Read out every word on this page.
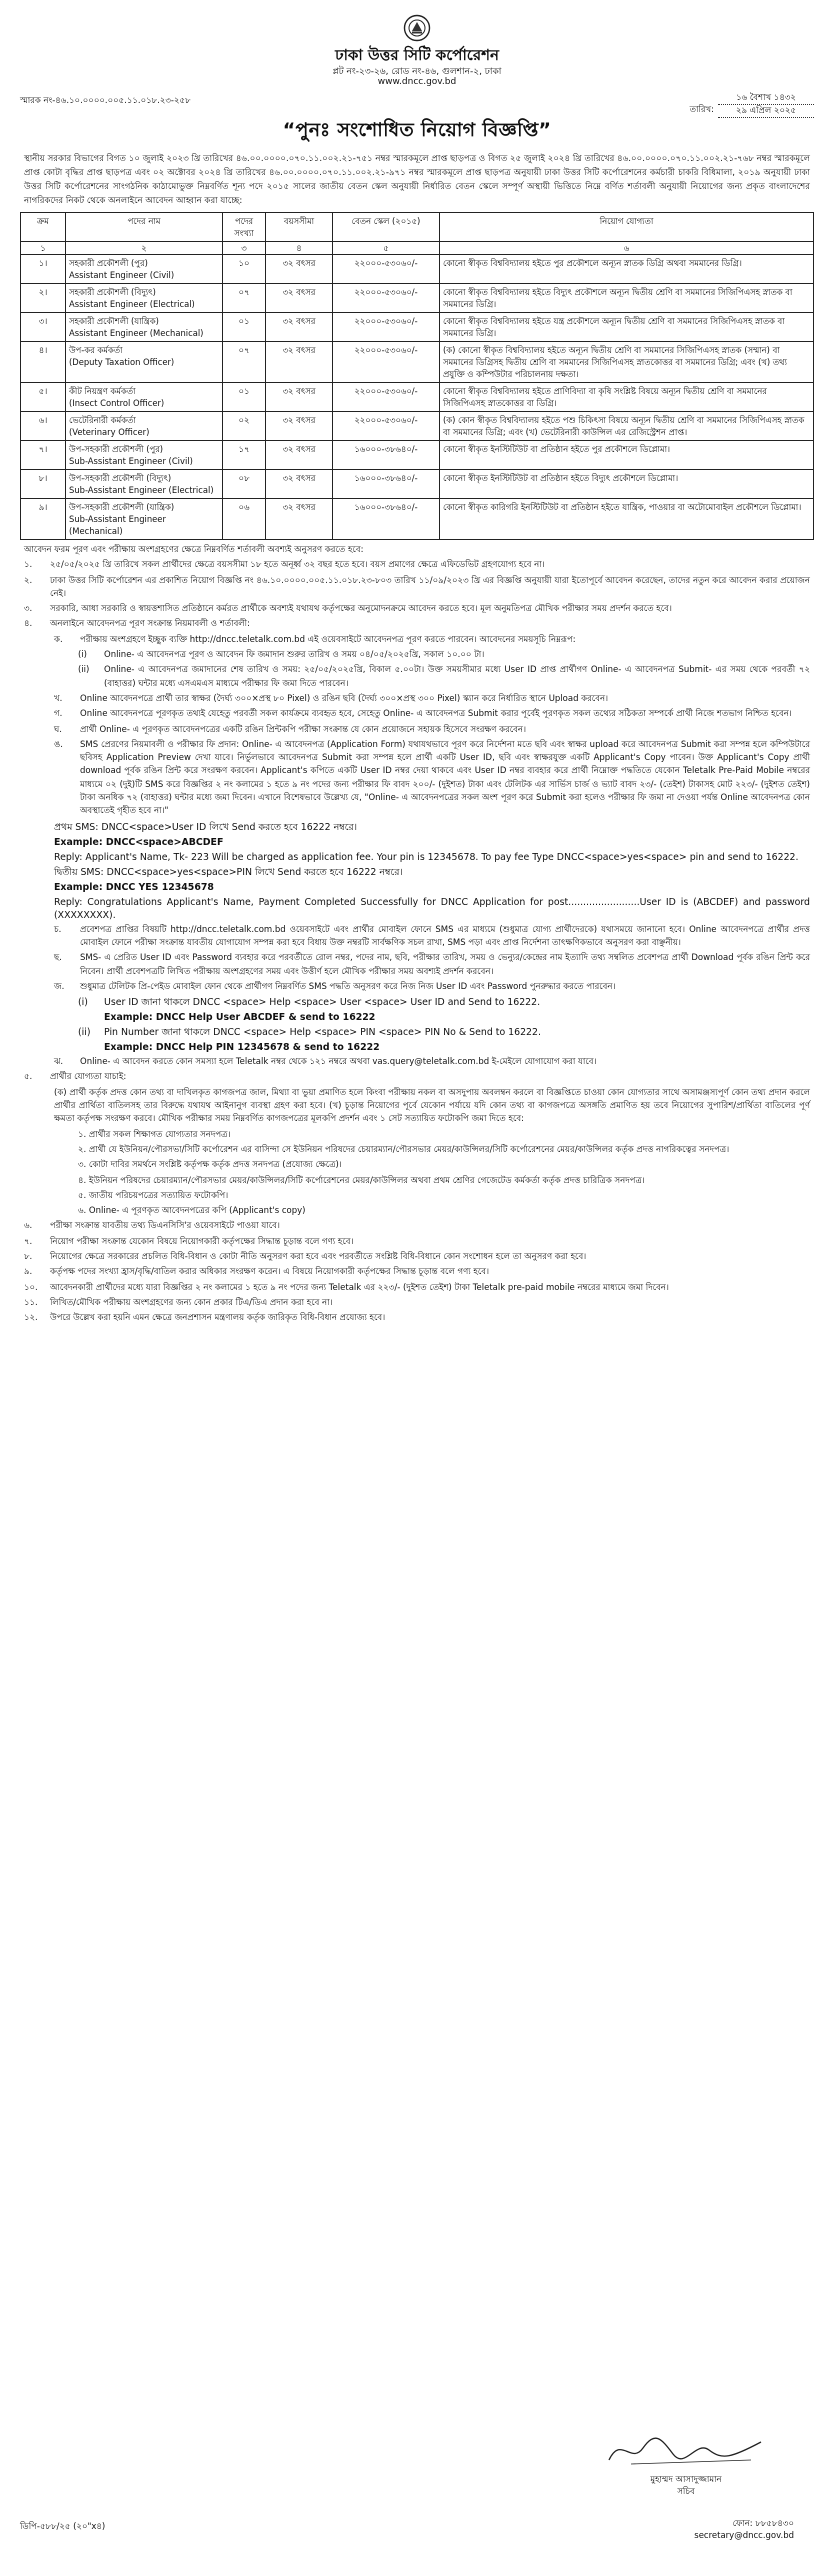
ঢাকা উত্তর সিটি কর্পোরেশন
প্লট নং-২৩-২৬, রোড নং-৪৬, গুলশান-২, ঢাকা
www.dncc.gov.bd
স্মারক নং-৪৬.১০.০০০০.০০৫.১১.০১৮.২৩-২৫৮	১৬ বৈশাখ ১৪৩২
তারিখ:	২৯ এপ্রিল ২০২৫
“পুনঃ সংশোধিত নিয়োগ বিজ্ঞপ্তি”
স্থানীয় সরকার বিভাগের বিগত ১০ জুলাই ২০২৩ খ্রি তারিখের ৪৬.০০.০০০০.০৭০.১১.০০২.২১-৭৫১ নম্বর স্মারকমূলে প্রাপ্ত ছাড়পত্র ও বিগত ২৫ জুলাই ২০২৪ খ্রি তারিখের ৪৬.০০.০০০০.০৭০.১১.০০২.২১-৭৬৮ নম্বর স্মারকমূলে প্রাপ্ত কোটা বৃদ্ধির প্রাপ্ত ছাড়পত্র এবং ০২ অক্টোবর ২০২৪ খ্রি তারিখের ৪৬.০০.০০০০.০৭০.১১.০০২.২১-৯৭১ নম্বর স্মারকমূলে প্রাপ্ত ছাড়পত্র অনুযায়ী ঢাকা উত্তর সিটি কর্পোরেশনের কর্মচারী চাকরি বিধিমালা, ২০১৯ অনুযায়ী ঢাকা উত্তর সিটি কর্পোরেশনের সাংগঠনিক কাঠামোভুক্ত নিম্নবর্ণিত শূন্য পদে ২০১৫ সালের জাতীয় বেতন স্কেল অনুযায়ী নির্ধারিত বেতন স্কেলে সম্পূর্ণ অস্থায়ী ভিত্তিতে নিম্নে বর্ণিত শর্তাবলী অনুযায়ী নিয়োগের জন্য প্রকৃত বাংলাদেশের নাগরিকদের নিকট থেকে অনলাইনে আবেদন আহ্বান করা যাচ্ছে:
ক্রম	পদের নাম	পদের সংখ্যা	বয়সসীমা	বেতন স্কেল (২০১৫)	নিয়োগ যোগ্যতা
১	২	৩	৪	৫	৬
১।	সহকারী প্রকৌশলী (পুর)
Assistant Engineer (Civil)	১০	৩২ বৎসর	২২০০০-৫৩০৬০/-	কোনো স্বীকৃত বিশ্ববিদ্যালয় হইতে পুর প্রকৌশলে অন্যূন স্নাতক ডিগ্রি অথবা সমমানের ডিগ্রি।
২।	সহকারী প্রকৌশলী (বিদ্যুৎ)
Assistant Engineer (Electrical)	০৭	৩২ বৎসর	২২০০০-৫৩০৬০/-	কোনো স্বীকৃত বিশ্ববিদ্যালয় হইতে বিদ্যুৎ প্রকৌশলে অন্যূন দ্বিতীয় শ্রেণি বা সমমানের সিজিপিএসহ স্নাতক বা সমমানের ডিগ্রি।
৩।	সহকারী প্রকৌশলী (যান্ত্রিক)
Assistant Engineer (Mechanical)	০১	৩২ বৎসর	২২০০০-৫৩০৬০/-	কোনো স্বীকৃত বিশ্ববিদ্যালয় হইতে যন্ত্র প্রকৌশলে অন্যূন দ্বিতীয় শ্রেণি বা সমমানের সিজিপিএসহ স্নাতক বা সমমানের ডিগ্রি।
৪।	উপ-কর কর্মকর্তা
(Deputy Taxation Officer)	০৭	৩২ বৎসর	২২০০০-৫৩০৬০/-	(ক) কোনো স্বীকৃত বিশ্ববিদ্যালয় হইতে অন্যূন দ্বিতীয় শ্রেণি বা সমমানের সিজিপিএসহ স্নাতক (সম্মান) বা সমমানের ডিগ্রিসহ দ্বিতীয় শ্রেণি বা সমমানের সিজিপিএসহ স্নাতকোত্তর বা সমমানের ডিগ্রি; এবং (খ) তথ্য প্রযুক্তি ও কম্পিউটার পরিচালনায় দক্ষতা।
৫।	কীট নিয়ন্ত্রণ কর্মকর্তা
(Insect Control Officer)	০১	৩২ বৎসর	২২০০০-৫৩০৬০/-	কোনো স্বীকৃত বিশ্ববিদ্যালয় হইতে প্রাণিবিদ্যা বা কৃষি সংশ্লিষ্ট বিষয়ে অন্যূন দ্বিতীয় শ্রেণি বা সমমানের সিজিপিএসহ স্নাতকোত্তর বা ডিগ্রি।
৬।	ভেটেরিনারী কর্মকর্তা
(Veterinary Officer)	০২	৩২ বৎসর	২২০০০-৫৩০৬০/-	(ক) কোন স্বীকৃত বিশ্ববিদ্যালয় হইতে পশু চিকিৎসা বিষয়ে অন্যূন দ্বিতীয় শ্রেণি বা সমমানের সিজিপিএসহ স্নাতক বা সমমানের ডিগ্রি; এবং (খ) ভেটেরিনারী কাউন্সিল এর রেজিস্ট্রেশন প্রাপ্ত।
৭।	উপ-সহকারী প্রকৌশলী (পুর)
Sub-Assistant Engineer (Civil)	১৭	৩২ বৎসর	১৬০০০-৩৮৬৪০/-	কোনো স্বীকৃত ইনস্টিটিউট বা প্রতিষ্ঠান হইতে পুর প্রকৌশলে ডিপ্লোমা।
৮।	উপ-সহকারী প্রকৌশলী (বিদ্যুৎ)
Sub-Assistant Engineer (Electrical)	০৮	৩২ বৎসর	১৬০০০-৩৮৬৪০/-	কোনো স্বীকৃত ইনস্টিটিউট বা প্রতিষ্ঠান হইতে বিদ্যুৎ প্রকৌশলে ডিপ্লোমা।
৯।	উপ-সহকারী প্রকৌশলী (যান্ত্রিক)
Sub-Assistant Engineer (Mechanical)	০৬	৩২ বৎসর	১৬০০০-৩৮৬৪০/-	কোনো স্বীকৃত কারিগরি ইনস্টিটিউট বা প্রতিষ্ঠান হইতে যান্ত্রিক, পাওয়ার বা অটোমোবাইল প্রকৌশলে ডিপ্লোমা।
আবেদন ফরম পূরণ এবং পরীক্ষায় অংশগ্রহণের ক্ষেত্রে নিম্নবর্ণিত শর্তাবলী অবশ্যই অনুসরণ করতে হবে:
১.	২৫/০৫/২০২৫ খ্রি তারিখে সকল প্রার্থীদের ক্ষেত্রে বয়সসীমা ১৮ হতে অনূর্ধ্ব ৩২ বছর হতে হবে। বয়স প্রমাণের ক্ষেত্রে এফিডেভিট গ্রহণযোগ্য হবে না।
২.	ঢাকা উত্তর সিটি কর্পোরেশন এর প্রকাশিত নিয়োগ বিজ্ঞপ্তি নং ৪৬.১০.০০০০.০০৫.১১.০১৮.২৩-৮০৩ তারিখ ১১/০৯/২০২৩ খ্রি এর বিজ্ঞপ্তি অনুযায়ী যারা ইতোপূর্বে আবেদন করেছেন, তাদের নতুন করে আবেদন করার প্রয়োজন নেই।
৩.	সরকারি, আধা সরকারি ও স্বায়ত্তশাসিত প্রতিষ্ঠানে কর্মরত প্রার্থীকে অবশ্যই যথাযথ কর্তৃপক্ষের অনুমোদনক্রমে আবেদন করতে হবে। মূল অনুমতিপত্র মৌখিক পরীক্ষার সময় প্রদর্শন করতে হবে।
৪.	অনলাইনে আবেদনপত্র পূরণ সংক্রান্ত নিয়মাবলী ও শর্তাবলী:
ক.	পরীক্ষায় অংশগ্রহণে ইচ্ছুক ব্যক্তি http://dncc.teletalk.com.bd এই ওয়েবসাইটে আবেদনপত্র পূরণ করতে পারবেন। আবেদনের সময়সূচি নিম্নরূপ:
(i)	Online- এ আবেদনপত্র পূরণ ও আবেদন ফি জমাদান শুরুর তারিখ ও সময় ০৪/০৫/২০২৫খ্রি, সকাল ১০.০০ টা।
(ii)	Online- এ আবেদনপত্র জমাদানের শেষ তারিখ ও সময়: ২৫/০৫/২০২৫খ্রি, বিকাল ৫.০০টা। উক্ত সময়সীমার মধ্যে User ID প্রাপ্ত প্রার্থীগণ Online- এ আবেদনপত্র Submit- এর সময় থেকে পরবর্তী ৭২ (বাহাত্তর) ঘন্টার মধ্যে এসএমএস মাধ্যমে পরীক্ষার ফি জমা দিতে পারবেন।
খ.	Online আবেদনপত্রে প্রার্থী তার স্বাক্ষর (দৈর্ঘ্য ৩০০×প্রস্থ ৮০ Pixel) ও রঙিন ছবি (দৈর্ঘ্য ৩০০×প্রস্থ ৩০০ Pixel) স্ক্যান করে নির্ধারিত স্থানে Upload করবেন।
গ.	Online আবেদনপত্রে পূরণকৃত তথ্যই যেহেতু পরবর্তী সকল কার্যক্রমে ব্যবহৃত হবে, সেহেতু Online- এ আবেদনপত্র Submit করার পূর্বেই পূরণকৃত সকল তথ্যের সঠিকতা সম্পর্কে প্রার্থী নিজে শতভাগ নিশ্চিত হবেন।
ঘ.	প্রার্থী Online- এ পূরণকৃত আবেদনপত্রের একটি রঙিন প্রিন্টকপি পরীক্ষা সংক্রান্ত যে কোন প্রয়োজনে সহায়ক হিসেবে সংরক্ষণ করবেন।
ঙ.	SMS প্রেরণের নিয়মাবলী ও পরীক্ষার ফি প্রদান: Online- এ আবেদনপত্র (Application Form) যথাযথভাবে পূরণ করে নির্দেশনা মতে ছবি এবং স্বাক্ষর upload করে আবেদনপত্র Submit করা সম্পন্ন হলে কম্পিউটারে ছবিসহ Application Preview দেখা যাবে। নির্ভুলভাবে আবেদনপত্র Submit করা সম্পন্ন হলে প্রার্থী একটি User ID, ছবি এবং স্বাক্ষরযুক্ত একটি Applicant's Copy পাবেন। উক্ত Applicant's Copy প্রার্থী download পূর্বক রঙিন প্রিন্ট করে সংরক্ষণ করবেন। Applicant's কপিতে একটি User ID নম্বর দেয়া থাকবে এবং User ID নম্বর ব্যবহার করে প্রার্থী নিম্নোক্ত পদ্ধতিতে যেকোন Teletalk Pre-Paid Mobile নম্বরের মাধ্যমে ০২ (দুই)টি SMS করে বিজ্ঞপ্তির ২ নং কলামের ১ হতে ৯ নং পদের জন্য পরীক্ষার ফি বাবদ ২০০/- (দুইশত) টাকা এবং টেলিটক এর সার্ভিস চার্জ ও ভ্যাট বাবদ ২৩/- (তেইশ) টাকাসহ মোট ২২৩/- (দুইশত তেইশ) টাকা অনধিক ৭২ (বাহাত্তর) ঘন্টার মধ্যে জমা দিবেন। এখানে বিশেষভাবে উল্লেখ্য যে, "Online- এ আবেদনপত্রের সকল অংশ পূরণ করে Submit করা হলেও পরীক্ষার ফি জমা না দেওয়া পর্যন্ত Online আবেদনপত্র কোন অবস্থাতেই গৃহীত হবে না।"
প্রথম SMS: DNCC<space>User ID লিখে Send করতে হবে 16222 নম্বরে।
Example: DNCC<space>ABCDEF
Reply: Applicant's Name, Tk- 223 Will be charged as application fee. Your pin is 12345678. To pay fee Type DNCC<space>yes<space> pin and send to 16222.
দ্বিতীয় SMS: DNCC<space>yes<space>PIN লিখে Send করতে হবে 16222 নম্বরে।
Example: DNCC YES 12345678
Reply: Congratulations Applicant's Name, Payment Completed Successfully for DNCC Application for post........................User ID is (ABCDEF) and password (XXXXXXXX).
চ.	প্রবেশপত্র প্রাপ্তির বিষয়টি http://dncc.teletalk.com.bd ওয়েবসাইটে এবং প্রার্থীর মোবাইল ফোনে SMS এর মাধ্যমে (শুধুমাত্র যোগ্য প্রার্থীদেরকে) যথাসময়ে জানানো হবে। Online আবেদনপত্রে প্রার্থীর প্রদত্ত মোবাইল ফোনে পরীক্ষা সংক্রান্ত যাবতীয় যোগাযোগ সম্পন্ন করা হবে বিধায় উক্ত নম্বরটি সার্বক্ষণিক সচল রাখা, SMS পড়া এবং প্রাপ্ত নির্দেশনা তাৎক্ষণিকভাবে অনুসরণ করা বাঞ্ছনীয়।
ছ.	SMS- এ প্রেরিত User ID এবং Password ব্যবহার করে পরবর্তীতে রোল নম্বর, পদের নাম, ছবি, পরীক্ষার তারিখ, সময় ও ভেন্যুর/কেন্দ্রের নাম ইত্যাদি তথ্য সম্বলিত প্রবেশপত্র প্রার্থী Download পূর্বক রঙিন প্রিন্ট করে নিবেন। প্রার্থী প্রবেশপত্রটি লিখিত পরীক্ষায় অংশগ্রহণের সময় এবং উত্তীর্ণ হলে মৌখিক পরীক্ষার সময় অবশ্যই প্রদর্শন করবেন।
জ.	শুধুমাত্র টেলিটক প্রি-পেইড মোবাইল ফোন থেকে প্রার্থীগণ নিম্নবর্ণিত SMS পদ্ধতি অনুসরণ করে নিজ নিজ User ID এবং Password পুনরুদ্ধার করতে পারবেন।
(i)	User ID জানা থাকলে DNCC <space> Help <space> User <space> User ID and Send to 16222.
Example: DNCC Help User ABCDEF & send to 16222
(ii)	Pin Number জানা থাকলে DNCC <space> Help <space> PIN <space> PIN No & Send to 16222.
Example: DNCC Help PIN 12345678 & send to 16222
ঝ.	Online- এ আবেদন করতে কোন সমস্যা হলে Teletalk নম্বর থেকে ১২১ নম্বরে অথবা vas.query@teletalk.com.bd ই-মেইলে যোগাযোগ করা যাবে।
৫.	প্রার্থীর যোগ্যতা যাচাই:
(ক) প্রার্থী কর্তৃক প্রদত্ত কোন তথ্য বা দাখিলকৃত কাগজপত্র জাল, মিথ্যা বা ভুয়া প্রমাণিত হলে কিংবা পরীক্ষায় নকল বা অসদুপায় অবলম্বন করলে বা বিজ্ঞপ্তিতে চাওয়া কোন যোগ্যতার সাথে অসামঞ্জস্যপূর্ণ কোন তথ্য প্রদান করলে প্রার্থীর প্রার্থিতা বাতিলসহ তার বিরুদ্ধে যথাযথ আইনানুগ ব্যবস্থা গ্রহণ করা হবে। (খ) চূড়ান্ত নিয়োগের পূর্বে যেকোন পর্যায়ে যদি কোন তথ্য বা কাগজপত্রে অসঙ্গতি প্রমাণিত হয় তবে নিয়োগের সুপারিশ/প্রার্থিতা বাতিলের পূর্ণ ক্ষমতা কর্তৃপক্ষ সংরক্ষণ করবে। মৌখিক পরীক্ষার সময় নিম্নবর্ণিত কাগজপত্রের মূলকপি প্রদর্শন এবং ১ সেট সত্যায়িত ফটোকপি জমা দিতে হবে:
১. প্রার্থীর সকল শিক্ষাগত যোগ্যতার সনদপত্র।
২. প্রার্থী যে ইউনিয়ন/পৌরসভা/সিটি কর্পোরেশন এর বাসিন্দা সে ইউনিয়ন পরিষদের চেয়ারম্যান/পৌরসভার মেয়র/কাউন্সিলর/সিটি কর্পোরেশনের মেয়র/কাউন্সিলর কর্তৃক প্রদত্ত নাগরিকত্বের সনদপত্র।
৩. কোটা দাবির সমর্থনে সংশ্লিষ্ট কর্তৃপক্ষ কর্তৃক প্রদত্ত সনদপত্র (প্রযোজ্য ক্ষেত্রে)।
৪. ইউনিয়ন পরিষদের চেয়ারম্যান/পৌরসভার মেয়র/কাউন্সিলর/সিটি কর্পোরেশনের মেয়র/কাউন্সিলর অথবা প্রথম শ্রেণির গেজেটেড কর্মকর্তা কর্তৃক প্রদত্ত চারিত্রিক সনদপত্র।
৫. জাতীয় পরিচয়পত্রের সত্যায়িত ফটোকপি।
৬. Online- এ পূরণকৃত আবেদনপত্রের কপি (Applicant's copy)
৬.	পরীক্ষা সংক্রান্ত যাবতীয় তথ্য ডিএনসিসি'র ওয়েবসাইটে পাওয়া যাবে।
৭.	নিয়োগ পরীক্ষা সংক্রান্ত যেকোন বিষয়ে নিয়োগকারী কর্তৃপক্ষের সিদ্ধান্ত চূড়ান্ত বলে গণ্য হবে।
৮.	নিয়োগের ক্ষেত্রে সরকারের প্রচলিত বিধি-বিধান ও কোটা নীতি অনুসরণ করা হবে এবং পরবর্তীতে সংশ্লিষ্ট বিধি-বিধানে কোন সংশোধন হলে তা অনুসরণ করা হবে।
৯.	কর্তৃপক্ষ পদের সংখ্যা হ্রাস/বৃদ্ধি/বাতিল করার অধিকার সংরক্ষণ করেন। এ বিষয়ে নিয়োগকারী কর্তৃপক্ষের সিদ্ধান্ত চূড়ান্ত বলে গণ্য হবে।
১০.	আবেদনকারী প্রার্থীদের মধ্যে যারা বিজ্ঞপ্তির ২ নং কলামের ১ হতে ৯ নং পদের জন্য Teletalk এর ২২৩/- (দুইশত তেইশ) টাকা Teletalk pre-paid mobile নম্বরের মাধ্যমে জমা দিবেন।
১১.	লিখিত/মৌখিক পরীক্ষায় অংশগ্রহণের জন্য কোন প্রকার টিএ/ডিএ প্রদান করা হবে না।
১২.	উপরে উল্লেখ করা হয়নি এমন ক্ষেত্রে জনপ্রশাসন মন্ত্রণালয় কর্তৃক জারিকৃত বিধি-বিধান প্রযোজ্য হবে।
মুহাম্মদ আসাদুজ্জামান
সচিব
ডিপি-৫৮৮/২৫ (২০"x৪)	ফোন: ৮৮৫৮৪৩০
secretary@dncc.gov.bd
